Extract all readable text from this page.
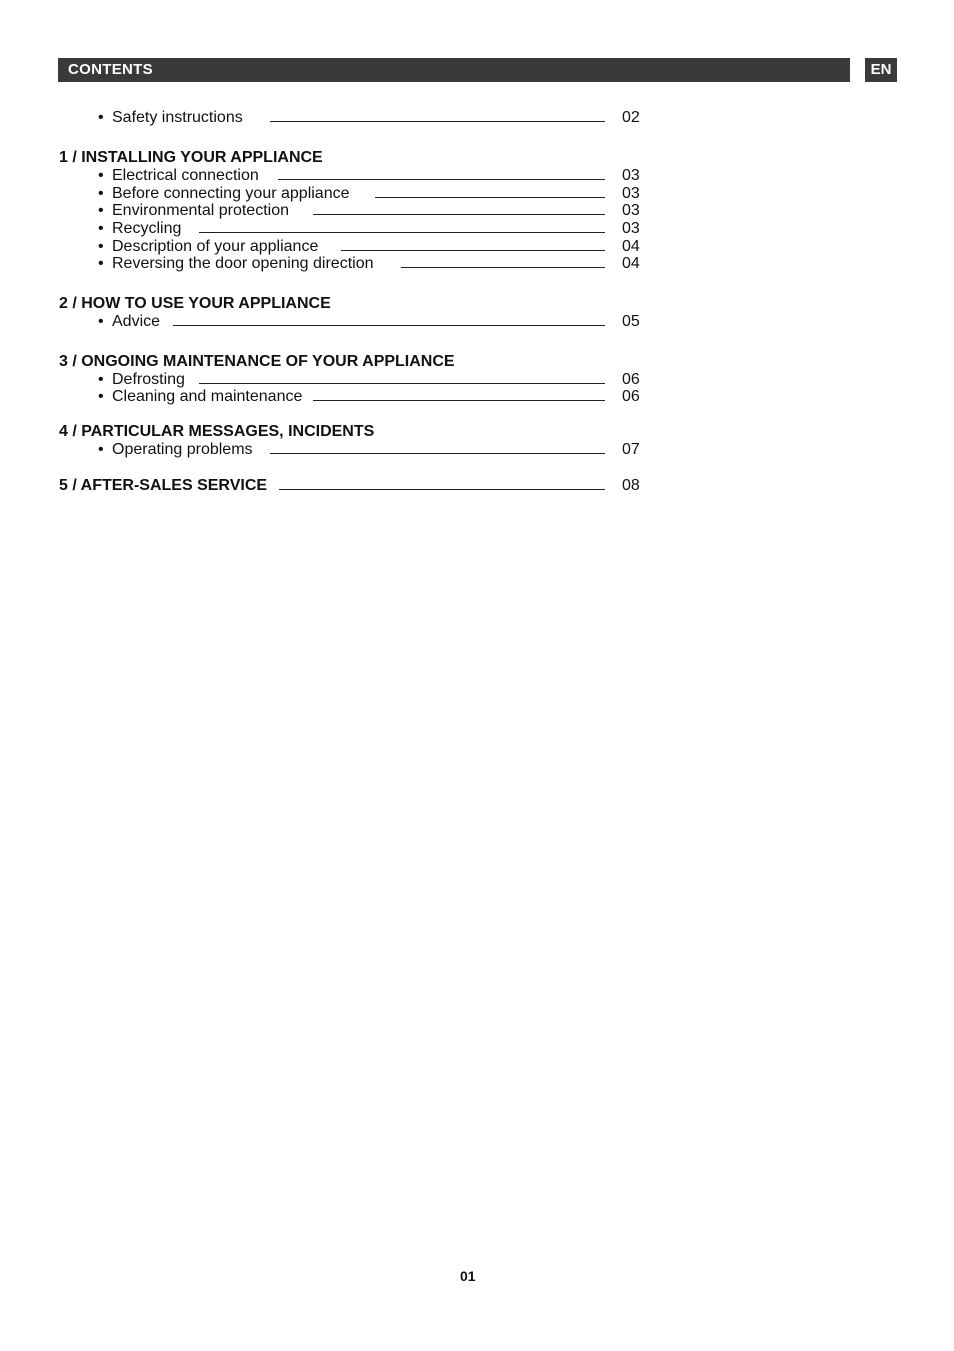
CONTENTS	EN
• Safety instructions	02
1 / INSTALLING YOUR APPLIANCE
• Electrical connection	03
• Before connecting your appliance	03
• Environmental protection	03
• Recycling	03
• Description of your appliance	04
• Reversing the door opening direction	04
2 / HOW TO USE YOUR APPLIANCE
• Advice	05
3 / ONGOING MAINTENANCE OF YOUR APPLIANCE
• Defrosting	06
• Cleaning and maintenance	06
4 / PARTICULAR MESSAGES, INCIDENTS
• Operating problems	07
5 / AFTER-SALES SERVICE	08
01
